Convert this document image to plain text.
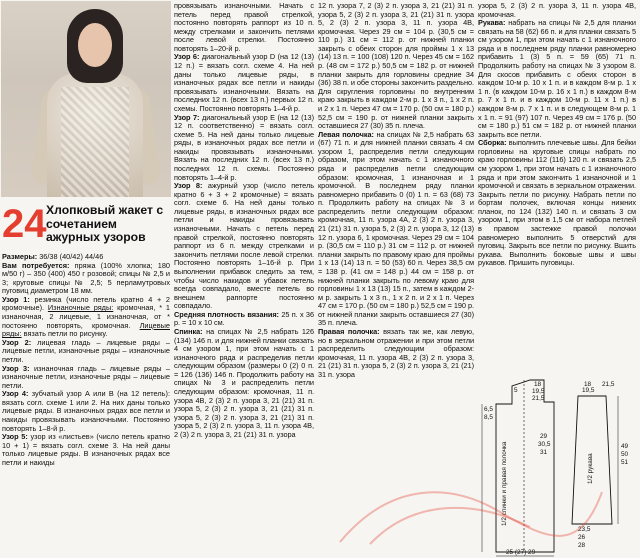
24 Хлопковый жакет с сочетанием ажурных узоров

Размеры: 36/38 (40/42) 44/46

Вам потребуется: пряжа (100% хлопка; 180 м/50 г) – 350 (400) 450 г розовой; спицы № 2,5 и 3; круговые спицы № 2,5; 5 перламутровых пуговиц диаметром 18 мм.

Узор 1: резинка (число петель кратно 4 + 2 кромочные). Изнаночные ряды: кромочная, * 1 изнаночная, 2 лицевые, 1 изнаночная, от * постоянно повторять, кромочная. Лицевые ряды: вязать петли по рисунку.

Узор 2: лицевая гладь – лицевые ряды – лицевые петли, изнаночные ряды – изнаночные петли.

Узор 3: изнаночная гладь – лицевые ряды – изнаночные петли, изнаночные ряды – лицевые петли.

Узор 4: зубчатый узор А или В (на 12 петель): вязать согл. схеме 1 или 2. На них даны только лицевые ряды. В изнаночных рядах все петли и накиды провязывать изнаночными. Постоянно повторять 1–8-й р.

Узор 5: узор из «листьев» (число петель кратно 10 + 1) = вязать согл. схеме 3. На ней даны только лицевые ряды. В изнаночных рядах все петли и накиды

провязывать изнаночными. Начать с петель перед правой стрелкой, постоянно повторять раппорт из 10 п. между стрелками и закончить петлями после левой стрелки. Постоянно повторять 1–20-й р.

Узор 6: диагональный узор D (на 12 (13) 12 п.) = вязать согл. схеме 4. На ней даны только лицевые ряды, в изнаночных рядах все петли и накиды провязывать изнаночными. Вязать на последних 12 п. (всех 13 п.) первых 12 п. схемы. Постоянно повторять 1–4-й р.

Узор 7: диагональный узор Е (на 12 (13) 12 п. соответственно) = вязать согл. схеме 5. На ней даны только лицевые ряды, в изнаночных рядах все петли и накиды провязывать изнаночными. Вязать на последних 12 п. (всех 13 п.) последних 12 п. схемы. Постоянно повторять 1–4-й р.

Узор 8: ажурный узор (число петель кратно 6 + 3 + 2 кромочные) = вязать согл. схеме 6. На ней даны только лицевые ряды, в изнаночных рядах все петли и накиды провязывать изнаночными. Начать с петель перед правой стрелкой, постоянно повторять раппорт из 6 п. между стрелками и закончить петлями после левой стрелки. Постоянно повторять 1–16-й р. При выполнении прибавок следить за тем, чтобы число накидов и убавок петель всегда совпадало, вместе петель во внешнем раппорте постоянно совпадало.

Средняя плотность вязания: 25 п. x 36 р. = 10 x 10 см.

Спинка: на спицах № 2,5 набрать 126 (134) 146 п. и для нижней планки связать 4 см узором 1, при этом начать с 1 изнаночного ряда и распределив петли следующим образом (размеры 0 (2) 0 п. = 126 (136) 146 п. Продолжить работу на спицах № 3 и распределить петли следующим образом: кромочная, 11 п. узора 4В, 2 (3) 2 п. узора 3, 21 (21) 31 п. узора 5, 2 (3) 2 п. узора 3, 21 (21) 31 п. узора 5, 2 (3) 2 п. узора 3, 21 (21) 31 п. узора 5, 2 (3) 2 п. узора 3, 11 п. узора 4В, 2 (3) 2 п. узора 3, 21 (21) 31 п. узора

12 п. узора 7, 2 (3) 2 п. узора 3, 21 (21) 31 п. узора 5, 2 (3) 2 п. узора 3, 21 (21) 31 п. узора 5, 2 (3) 2 п. узора 3, 11 п. узора 4В, кромочная. Через 29 см = 104 р. (30,5 см = 110 р.) 31 см = 112 р. от нижней планки закрыть с обеих сторон для проймы 1 х 13 (14) 13 п. = 100 (108) 120 п. Через 45 см = 162 р. (48 см = 172 р.) 50,5 см = 182 р. от нижней планки закрыть для горловины средние 34 (36) 38 п. и обе стороны закончить раздельно. Для скругления горловины по внутренним краю закрыть в каждом 2-м р. 1 х 3 п., 1 х 2 п. и 2 х 1 п. Через 47 см = 170 р. (50 см = 180 р.) 52,5 см = 190 р. от нижней планки закрыть оставшиеся 27 (30) 35 п. плеча.

Левая полочка: на спицах № 2,5 набрать 63 (67) 71 п. и для нижней планки связать 4 см узором 1, распределив петли следующим образом, при этом начать с 1 изнаночного ряда и распределив петли следующим образом: кромочная, 1 изнаночная и 1 кромочной. В последнем ряду планки равномерно прибавить 0 (0) 1 п. = 63 (68) 73 п. Продолжить работу на спицах № 3 и распределить петли следующим образом: кромочная, 11 п. узора 4А, 2 (3) 2 п. узора 3, 21 (21) 31 п. узора 5, 2 (3) 2 п. узора 3, 12 (13) 12 п. узора 6, 1 кромочная. Через 29 см = 104 р. (30,5 см = 110 р.) 31 см = 112 р. от нижней планки закрыть по правому краю для проймы 1 х 13 (14) 13 п. = 50 (53) 60 п. Через 38,5 см = 138 р. (41 см = 148 р.) 44 см = 158 р. от нижней планки закрыть по левому краю для горловины 1 х 13 (13) 15 п., затем в каждом 2-м р. закрыть 1 х 3 п., 1 х 2 п. и 2 х 1 п. Через 47 см = 170 р. (50 см = 180 р.) 52,5 см = 190 р. от нижней планки закрыть оставшиеся 27 (30) 35 п. плеча.

Правая полочка: вязать так же, как левую, но в зеркальном отражении и при этом петли распределить следующим образом: кромочная, 11 п. узора 4В, 2 (3) 2 п. узора 3, 21 (21) 31 п. узора 5, 2 (3) 2 п. узора 3, 21 (21) 31 п. узора

узора 5, 2 (3) 2 п. узора 3, 11 п. узора 4В, кромочная.

Рукава: набрать на спицы № 2,5 для планки связать на 58 (62) 66 п. и для планки связать 5 см узором 1, при этом начать с 1 изнаночного ряда и в последнем ряду планки равномерно прибавить 1 (3) 5 п. = 59 (65) 71 п. Продолжить работу на спицах № 3 узором 8. Для скосов прибавить с обеих сторон в каждом 10-м р. 10 х 1 п. и в каждом 8-м р. 1 х 1 п. (в каждом 10-м р. 16 х 1 п.) в каждом 8-м р. 7 х 1 п. и в каждом 10-м р. 11 х 1 п.) в каждом 8-м р. 7 х 1 п. и в следующем 8-м р. 1 х 1 п. = 91 (97) 107 п. Через 49 см = 176 р. (50 см = 180 р.) 51 см = 182 р. от нижней планки закрыть все петли.

Сборка: выполнить плечевые швы. Для бейки горловины на круговые спицы набрать по краю горловины 112 (116) 120 п. и связать 2,5 см узором 1, при этом начать с 1 изнаночного ряда и при этом закончить 1 изнаночной и 1 кромочной и связать в зеркальном отражении. Закрыть петли по рисунку. Набрать петли по бортам полочек, включая концы нижних планок, по 124 (132) 140 п. и связать 3 см узором 1, при этом в 1,5 см от набора петлей в правом застежке правой полочки равномерно выполнить 5 отверстий для пуговиц. Закрыть все петли по рисунку. Вшить рукава. Выполнить боковые швы и швы рукавов. Пришить пуговицы.

6,5
8,5
5
18
19,5
21,5
29
30,5
31
1/2 спинки и правая полочка
18
19,5
21,5
1/2 рукава
49
50
51
23,5
26
28
25 (27) 29
